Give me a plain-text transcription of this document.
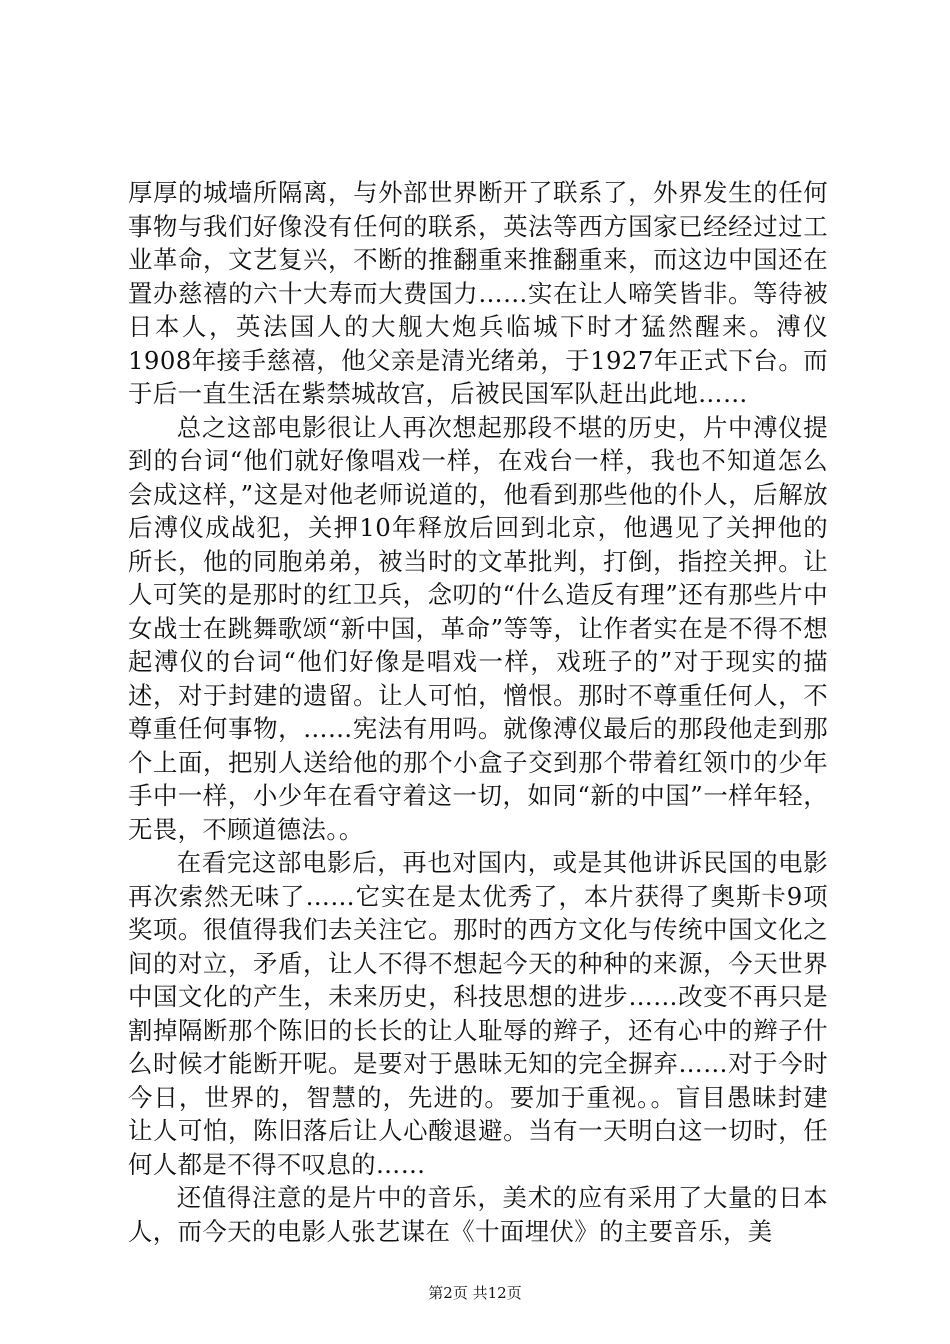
厚厚的城墙所隔离，与外部世界断开了联系了，外界发生的任何事物与我们好像没有任何的联系，英法等西方国家已经经过过工业革命，文艺复兴，不断的推翻重来推翻重来，而这边中国还在置办慈禧的六十大寿而大费国力……实在让人啼笑皆非。等待被日本人，英法国人的大舰大炮兵临城下时才猛然醒来。溥仪1908年接手慈禧，他父亲是清光绪弟，于1927年正式下台。而于后一直生活在紫禁城故宫，后被民国军队赶出此地……

总之这部电影很让人再次想起那段不堪的历史，片中溥仪提到的台词“他们就好像唱戏一样，在戏台一样，我也不知道怎么会成这样，”这是对他老师说道的，他看到那些他的仆人，后解放后溥仪成战犯，关押10年释放后回到北京，他遇见了关押他的所长，他的同胞弟弟，被当时的文革批判，打倒，指控关押。让人可笑的是那时的红卫兵，念叨的“什么造反有理”还有那些片中女战士在跳舞歌颂“新中国，革命”等等，让作者实在是不得不想起溥仪的台词“他们好像是唱戏一样，戏班子的”对于现实的描述，对于封建的遗留。让人可怕，憎恨。那时不尊重任何人，不尊重任何事物，……宪法有用吗。就像溥仪最后的那段他走到那个上面，把别人送给他的那个小盒子交到那个带着红领巾的少年手中一样，小少年在看守着这一切，如同“新的中国”一样年轻，无畏，不顾道德法。。

在看完这部电影后，再也对国内，或是其他讲诉民国的电影再次索然无味了……它实在是太优秀了，本片获得了奥斯卡9项奖项。很值得我们去关注它。那时的西方文化与传统中国文化之间的对立，矛盾，让人不得不想起今天的种种的来源，今天世界中国文化的产生，未来历史，科技思想的进步……改变不再只是割掉隔断那个陈旧的长长的让人耻辱的辫子，还有心中的辫子什么时候才能断开呢。是要对于愚昧无知的完全摒弃……对于今时今日，世界的，智慧的，先进的。要加于重视。。盲目愚昧封建让人可怕，陈旧落后让人心酸退避。当有一天明白这一切时，任何人都是不得不叹息的……

还值得注意的是片中的音乐，美术的应有采用了大量的日本人，而今天的电影人张艺谋在《十面埋伏》的主要音乐，美

第2页 共12页
